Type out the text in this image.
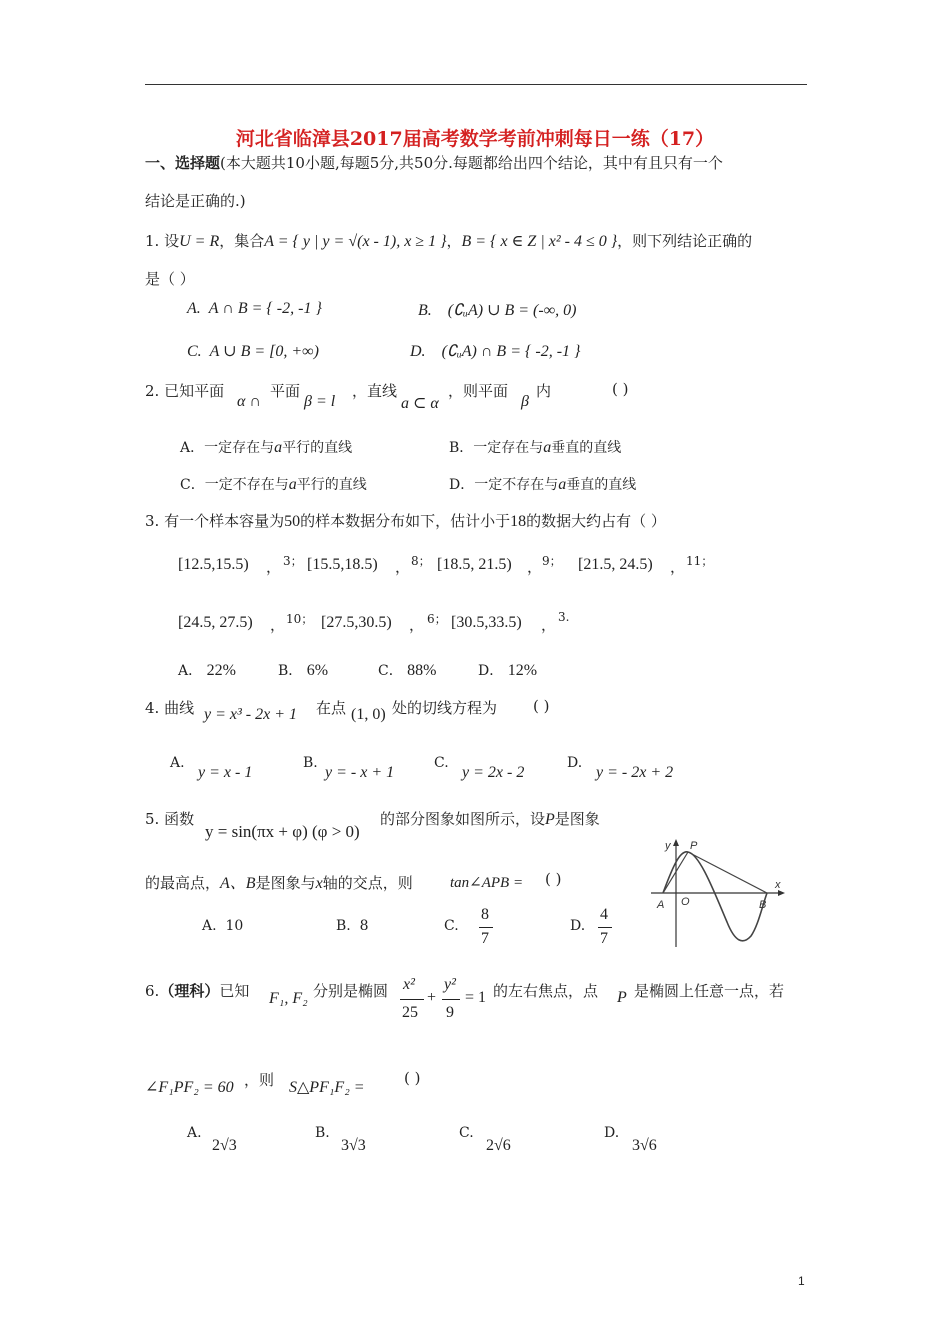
河北省临漳县2017届高考数学考前冲刺每日一练（17）
一、选择题(本大题共10小题,每题5分,共50分.每题都给出四个结论，其中有且只有一个
结论是正确的.)
1. 设U = R，集合A = { y | y = √(x - 1), x ≥ 1 }，B = { x ∈ Z | x² - 4 ≤ 0 }，则下列结论正确的
是（ ）
A. A ∩ B = { -2, -1 }	B. (∁ᵤA) ∪ B = (-∞, 0)
C. A ∪ B = [0, +∞)	D. (∁ᵤA) ∩ B = { -2, -1 }
2. 已知平面
α ∩
平面
β = l
，直线
a ⊂ α
，则平面
β
内	( )
A．一定存在与a平行的直线	B．一定存在与a垂直的直线
C．一定不存在与a平行的直线	D．一定不存在与a垂直的直线
3. 有一个样本容量为50的样本数据分布如下，估计小于18的数据大约占有（ ）
[12.5,15.5) ， 3； [15.5,18.5) ， 8； [18.5, 21.5) ， 9； [21.5, 24.5) ， 11；
[24.5, 27.5) ， 10； [27.5,30.5) ， 6； [30.5,33.5) ， 3.
A． 22%	B． 6%	C． 88%	D． 12%
4. 曲线 y = x³ - 2x + 1 在点 (1, 0) 处的切线方程为 ( )
A.
y = x - 1
B.
y = - x + 1
C.
y = 2x - 2
D.
y = - 2x + 2
5. 函数
y = sin(πx + φ) (φ > 0)
的部分图象如图所示，设P是图象
的最高点，A、B是图象与x轴的交点，则 tan∠APB = ( )
A. 10	B. 8	C.
8
7
D.
4
7
y
x
P
A O	B
6.（理科）已知 F₁, F₂ 分别是椭圆 x²
25
+
y²
9
= 1 的左右焦点，点 P 是椭圆上任意一点，若
∠F₁PF₂ = 60 ，则 S△PF₁F₂ =
( )
A.
2√3
B.
3√3
C.
2√6
D.
3√6
1
